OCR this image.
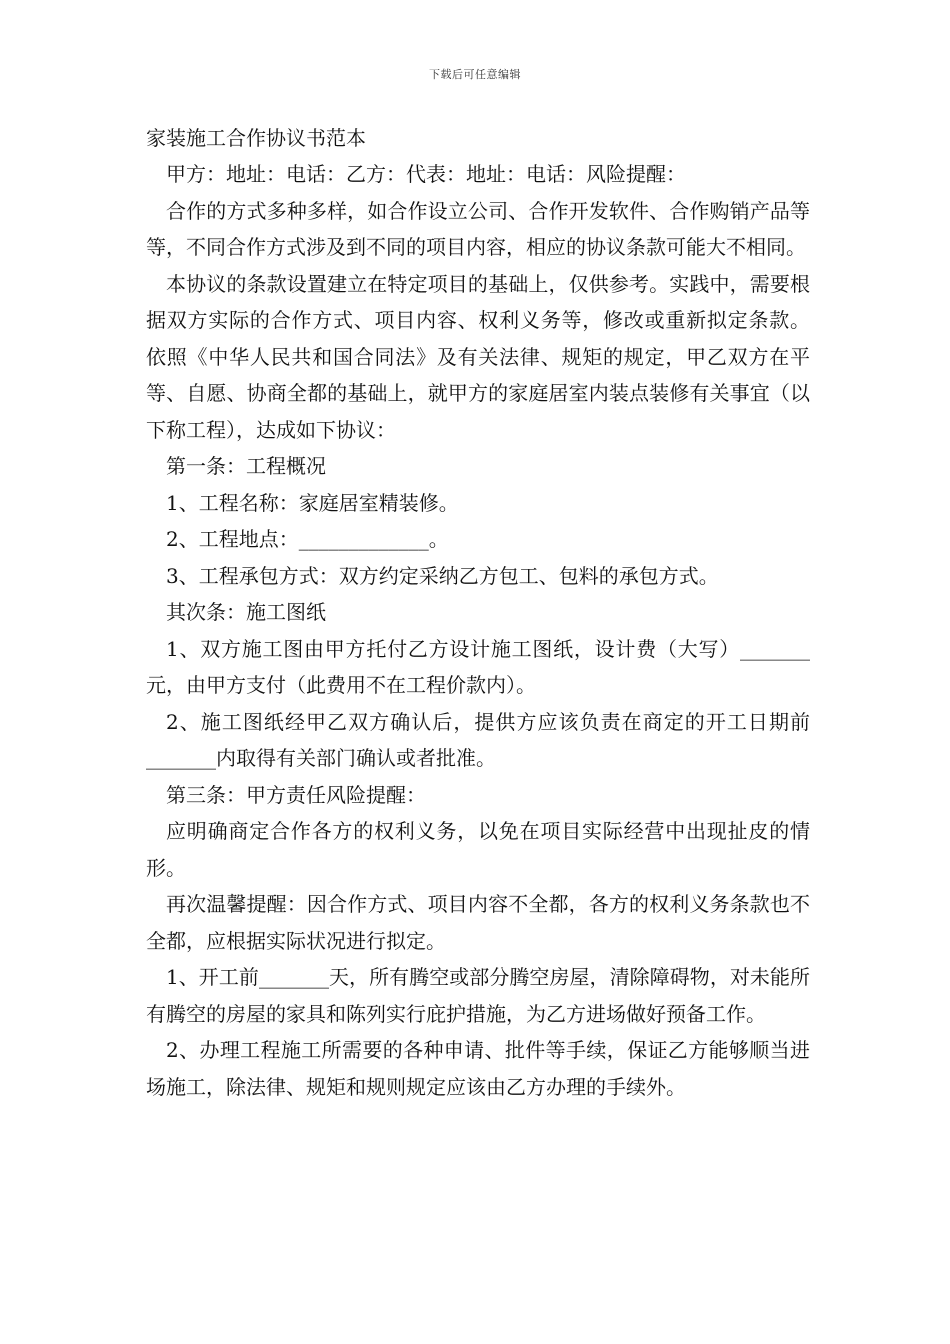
下载后可任意编辑

家装施工合作协议书范本

甲方：地址：电话：乙方：代表：地址：电话：风险提醒：

合作的方式多种多样，如合作设立公司、合作开发软件、合作购销产品等等，不同合作方式涉及到不同的项目内容，相应的协议条款可能大不相同。

本协议的条款设置建立在特定项目的基础上，仅供参考。实践中，需要根据双方实际的合作方式、项目内容、权利义务等，修改或重新拟定条款。 依照《中华人民共和国合同法》及有关法律、规矩的规定，甲乙双方在平等、自愿、协商全都的基础上，就甲方的家庭居室内装点装修有关事宜（以下称工程），达成如下协议：

第一条：工程概况

1、工程名称：家庭居室精装修。

2、工程地点：_____________。

3、工程承包方式：双方约定采纳乙方包工、包料的承包方式。

其次条：施工图纸

1、双方施工图由甲方托付乙方设计施工图纸，设计费（大写）_______元，由甲方支付（此费用不在工程价款内）。

2、施工图纸经甲乙双方确认后，提供方应该负责在商定的开工日期前_______内取得有关部门确认或者批准。

第三条：甲方责任风险提醒：

应明确商定合作各方的权利义务，以免在项目实际经营中出现扯皮的情形。

再次温馨提醒：因合作方式、项目内容不全都，各方的权利义务条款也不全都，应根据实际状况进行拟定。

1、开工前_______天，所有腾空或部分腾空房屋，清除障碍物，对未能所有腾空的房屋的家具和陈列实行庇护措施，为乙方进场做好预备工作。

2、办理工程施工所需要的各种申请、批件等手续，保证乙方能够顺当进场施工，除法律、规矩和规则规定应该由乙方办理的手续外。
